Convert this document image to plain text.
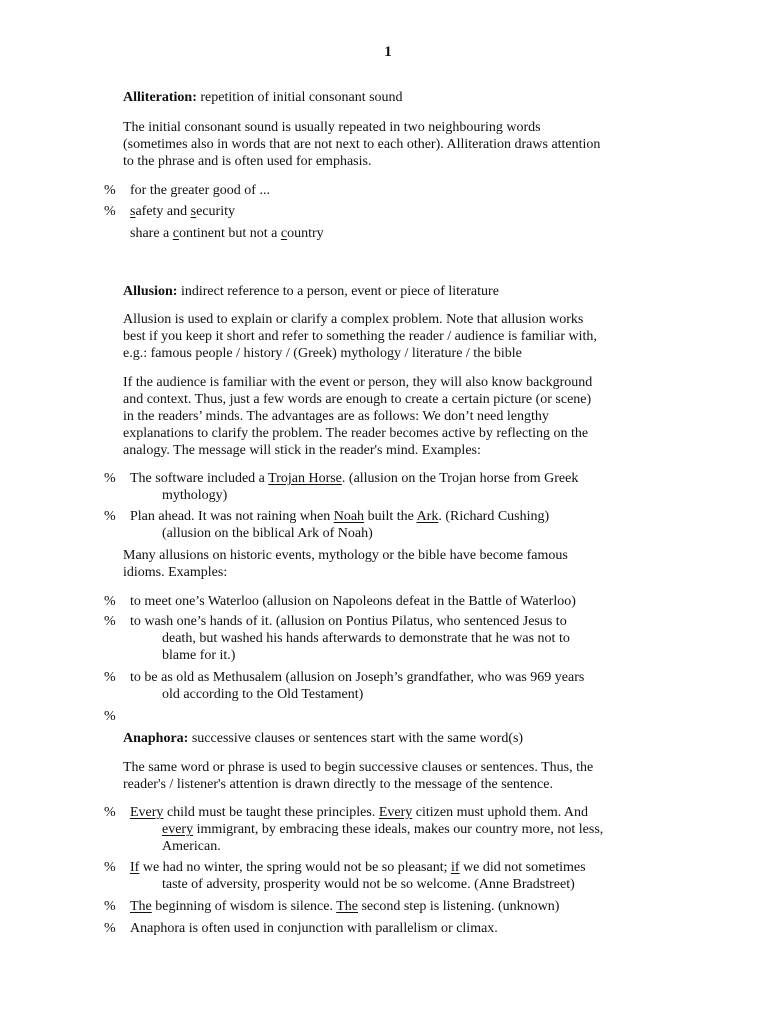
1

Alliteration: repetition of initial consonant sound

The initial consonant sound is usually repeated in two neighbouring words

(sometimes also in words that are not next to each other). Alliteration draws attention

to the phrase and is often used for emphasis.

%	for the greater good of ...
%	safety and security
share a continent but not a country

Allusion: indirect reference to a person, event or piece of literature

Allusion is used to explain or clarify a complex problem. Note that allusion works

best if you keep it short and refer to something the reader / audience is familiar with,

e.g.: famous people / history / (Greek) mythology / literature / the bible

If the audience is familiar with the event or person, they will also know background

and context. Thus, just a few words are enough to create a certain picture (or scene)

in the readers’ minds. The advantages are as follows: We don’t need lengthy

explanations to clarify the problem. The reader becomes active by reflecting on the

analogy. The message will stick in the reader's mind. Examples:

%	The software included a Trojan Horse. (allusion on the Trojan horse from Greek
mythology)
%	Plan ahead. It was not raining when Noah built the Ark. (Richard Cushing)
(allusion on the biblical Ark of Noah)

Many allusions on historic events, mythology or the bible have become famous

idioms. Examples:

%	to meet one’s Waterloo (allusion on Napoleons defeat in the Battle of Waterloo)
%	to wash one’s hands of it. (allusion on Pontius Pilatus, who sentenced Jesus to
death, but washed his hands afterwards to demonstrate that he was not to
blame for it.)
%	to be as old as Methusalem (allusion on Joseph’s grandfather, who was 969 years
old according to the Old Testament)
%

Anaphora: successive clauses or sentences start with the same word(s)

The same word or phrase is used to begin successive clauses or sentences. Thus, the

reader's / listener's attention is drawn directly to the message of the sentence.

%	Every child must be taught these principles. Every citizen must uphold them. And
every immigrant, by embracing these ideals, makes our country more, not less,
American.
%	If we had no winter, the spring would not be so pleasant; if we did not sometimes
taste of adversity, prosperity would not be so welcome. (Anne Bradstreet)
%	The beginning of wisdom is silence. The second step is listening. (unknown)
%	Anaphora is often used in conjunction with parallelism or climax.
